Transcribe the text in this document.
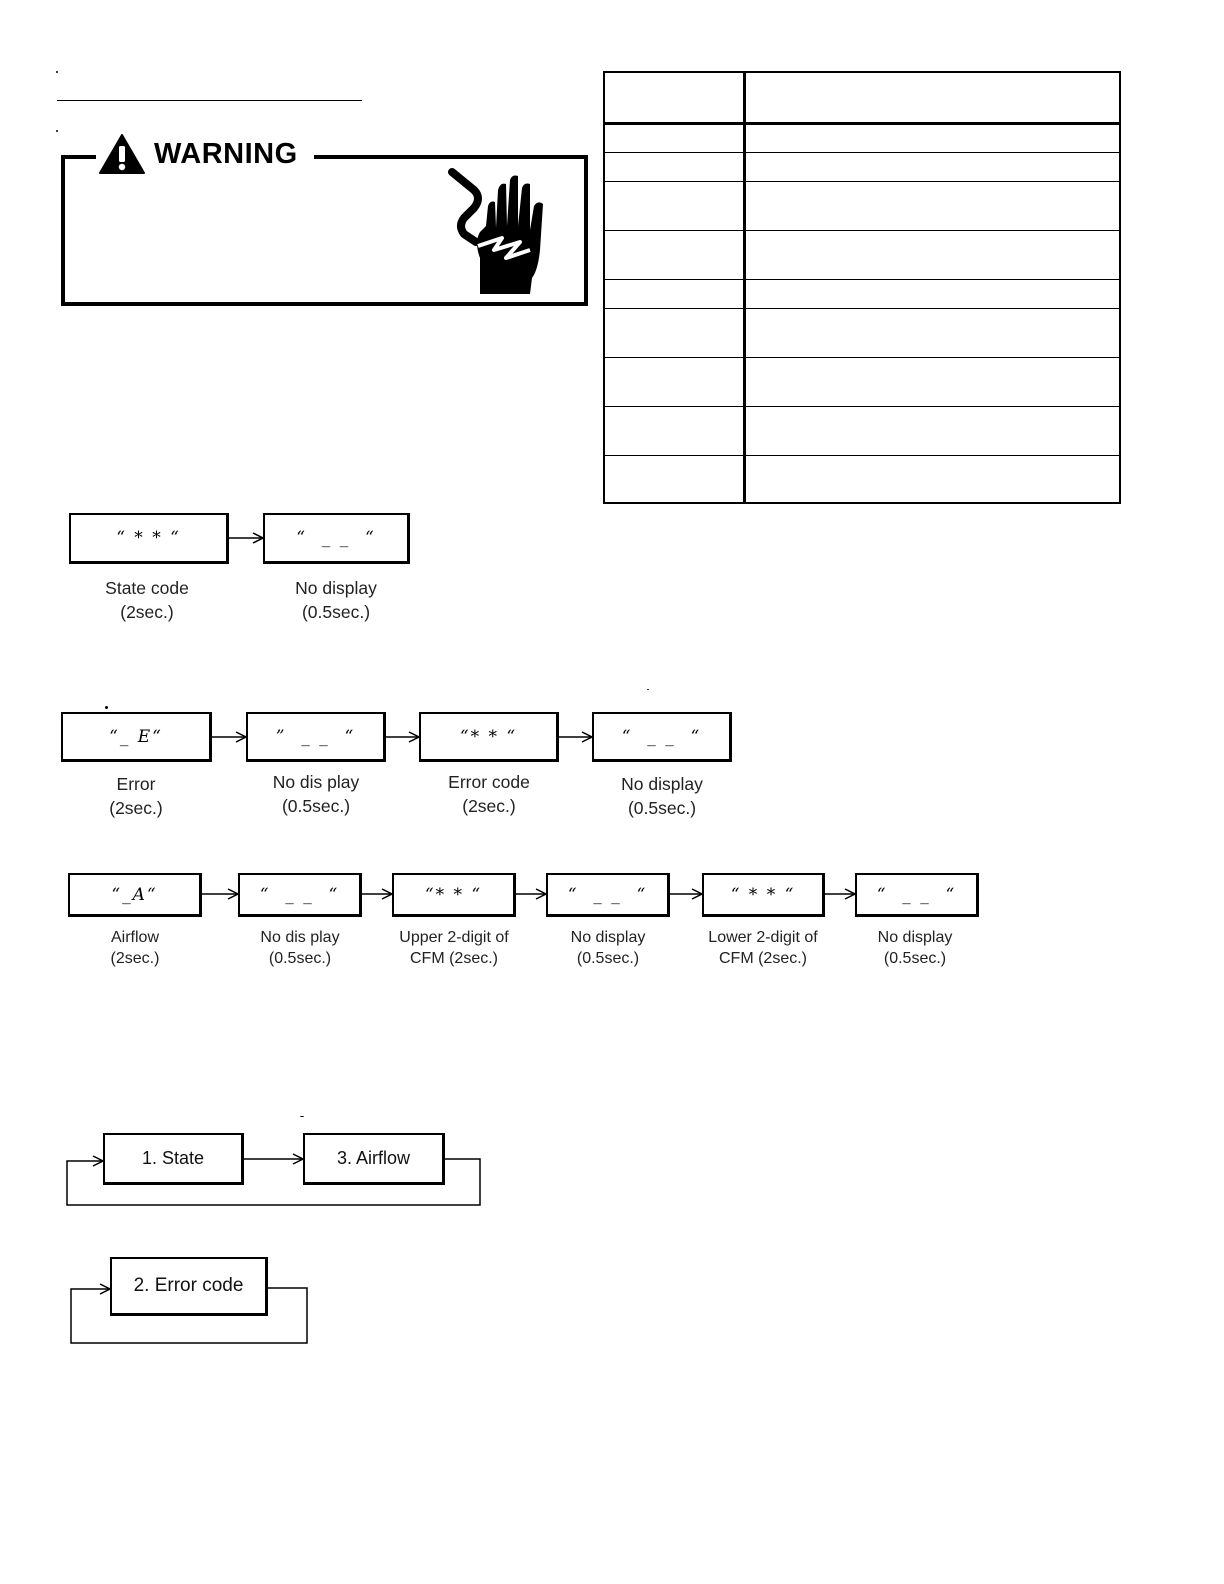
WARNING

“ * * “	“  _ _  “
State code
(2sec.)
No display
(0.5sec.)
“_ E“	”  _ _  “	“* * “	“  _ _  “
Error
(2sec.)
No dis play
(0.5sec.)
Error code
(2sec.)
No display
(0.5sec.)
“_A“	“  _ _  “	“* * “	“  _ _  “	“ * * “	“  _ _  “
Airflow
(2sec.)
No dis play
(0.5sec.)
Upper 2-digit of
CFM (2sec.)
No display
(0.5sec.)
Lower 2-digit of
CFM (2sec.)
No display
(0.5sec.)
1. State	3. Airflow
2. Error code
